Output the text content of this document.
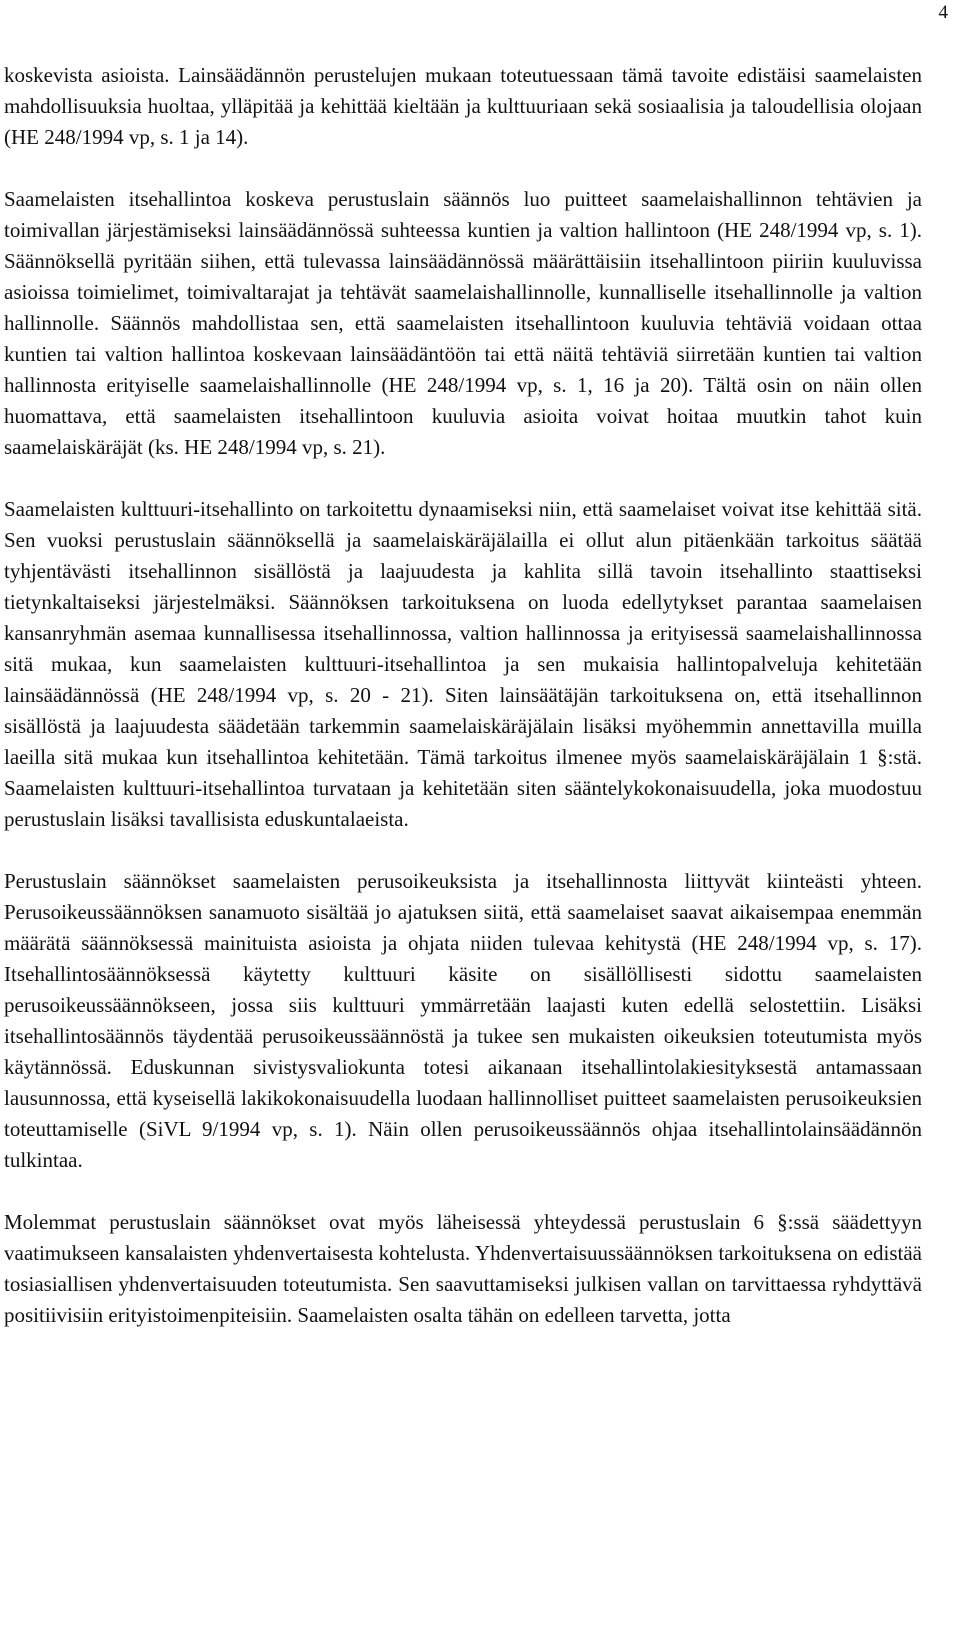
4

koskevista asioista. Lainsäädännön perustelujen mukaan toteutuessaan tämä tavoite edistäisi saamelaisten mahdollisuuksia huoltaa, ylläpitää ja kehittää kieltään ja kulttuuriaan sekä sosiaalisia ja taloudellisia olojaan (HE 248/1994 vp, s. 1 ja 14).

Saamelaisten itsehallintoa koskeva perustuslain säännös luo puitteet saamelaishallinnon tehtävien ja toimivallan järjestämiseksi lainsäädännössä suhteessa kuntien ja valtion hallintoon (HE 248/1994 vp, s. 1). Säännöksellä pyritään siihen, että tulevassa lainsäädännössä määrättäisiin itsehallintoon piiriin kuuluvissa asioissa toimielimet, toimivaltarajat ja tehtävät saamelaishallinnolle, kunnalliselle itsehallinnolle ja valtion hallinnolle. Säännös mahdollistaa sen, että saamelaisten itsehallintoon kuuluvia tehtäviä voidaan ottaa kuntien tai valtion hallintoa koskevaan lainsäädäntöön tai että näitä tehtäviä siirretään kuntien tai valtion hallinnosta erityiselle saamelaishallinnolle (HE 248/1994 vp, s. 1, 16 ja 20). Tältä osin on näin ollen huomattava, että saamelaisten itsehallintoon kuuluvia asioita voivat hoitaa muutkin tahot kuin saamelaiskäräjät (ks. HE 248/1994 vp, s. 21).

Saamelaisten kulttuuri-itsehallinto on tarkoitettu dynaamiseksi niin, että saamelaiset voivat itse kehittää sitä. Sen vuoksi perustuslain säännöksellä ja saamelaiskäräjälailla ei ollut alun pitäenkään tarkoitus säätää tyhjentävästi itsehallinnon sisällöstä ja laajuudesta ja kahlita sillä tavoin itsehallinto staattiseksi tietynkaltaiseksi järjestelmäksi. Säännöksen tarkoituksena on luoda edellytykset parantaa saamelaisen kansanryhmän asemaa kunnallisessa itsehallinnossa, valtion hallinnossa ja erityisessä saamelaishallinnossa sitä mukaa, kun saamelaisten kulttuuri-itsehallintoa ja sen mukaisia hallintopalveluja kehitetään lainsäädännössä (HE 248/1994 vp, s. 20 - 21). Siten lainsäätäjän tarkoituksena on, että itsehallinnon sisällöstä ja laajuudesta säädetään tarkemmin saamelaiskäräjälain lisäksi myöhemmin annettavilla muilla laeilla sitä mukaa kun itsehallintoa kehitetään. Tämä tarkoitus ilmenee myös saamelaiskäräjälain 1 §:stä. Saamelaisten kulttuuri-itsehallintoa turvataan ja kehitetään siten sääntelykokonaisuudella, joka muodostuu perustuslain lisäksi tavallisista eduskuntalaeista.

Perustuslain säännökset saamelaisten perusoikeuksista ja itsehallinnosta liittyvät kiinteästi yhteen. Perusoikeussäännöksen sanamuoto sisältää jo ajatuksen siitä, että saamelaiset saavat aikaisempaa enemmän määrätä säännöksessä mainituista asioista ja ohjata niiden tulevaa kehitystä (HE 248/1994 vp, s. 17). Itsehallintosäännöksessä käytetty kulttuuri käsite on sisällöllisesti sidottu saamelaisten perusoikeussäännökseen, jossa siis kulttuuri ymmärretään laajasti kuten edellä selostettiin. Lisäksi itsehallintosäännös täydentää perusoikeussäännöstä ja tukee sen mukaisten oikeuksien toteutumista myös käytännössä. Eduskunnan sivistysvaliokunta totesi aikanaan itsehallintolakiesityksestä antamassaan lausunnossa, että kyseisellä lakikokonaisuudella luodaan hallinnolliset puitteet saamelaisten perusoikeuksien toteuttamiselle (SiVL 9/1994 vp, s. 1). Näin ollen perusoikeussäännös ohjaa itsehallintolainsäädännön tulkintaa.

Molemmat perustuslain säännökset ovat myös läheisessä yhteydessä perustuslain 6 §:ssä säädettyyn vaatimukseen kansalaisten yhdenvertaisesta kohtelusta. Yhdenvertaisuussäännöksen tarkoituksena on edistää tosiasiallisen yhdenvertaisuuden toteutumista. Sen saavuttamiseksi julkisen vallan on tarvittaessa ryhdyttävä positiivisiin erityistoimenpiteisiin. Saamelaisten osalta tähän on edelleen tarvetta, jotta
